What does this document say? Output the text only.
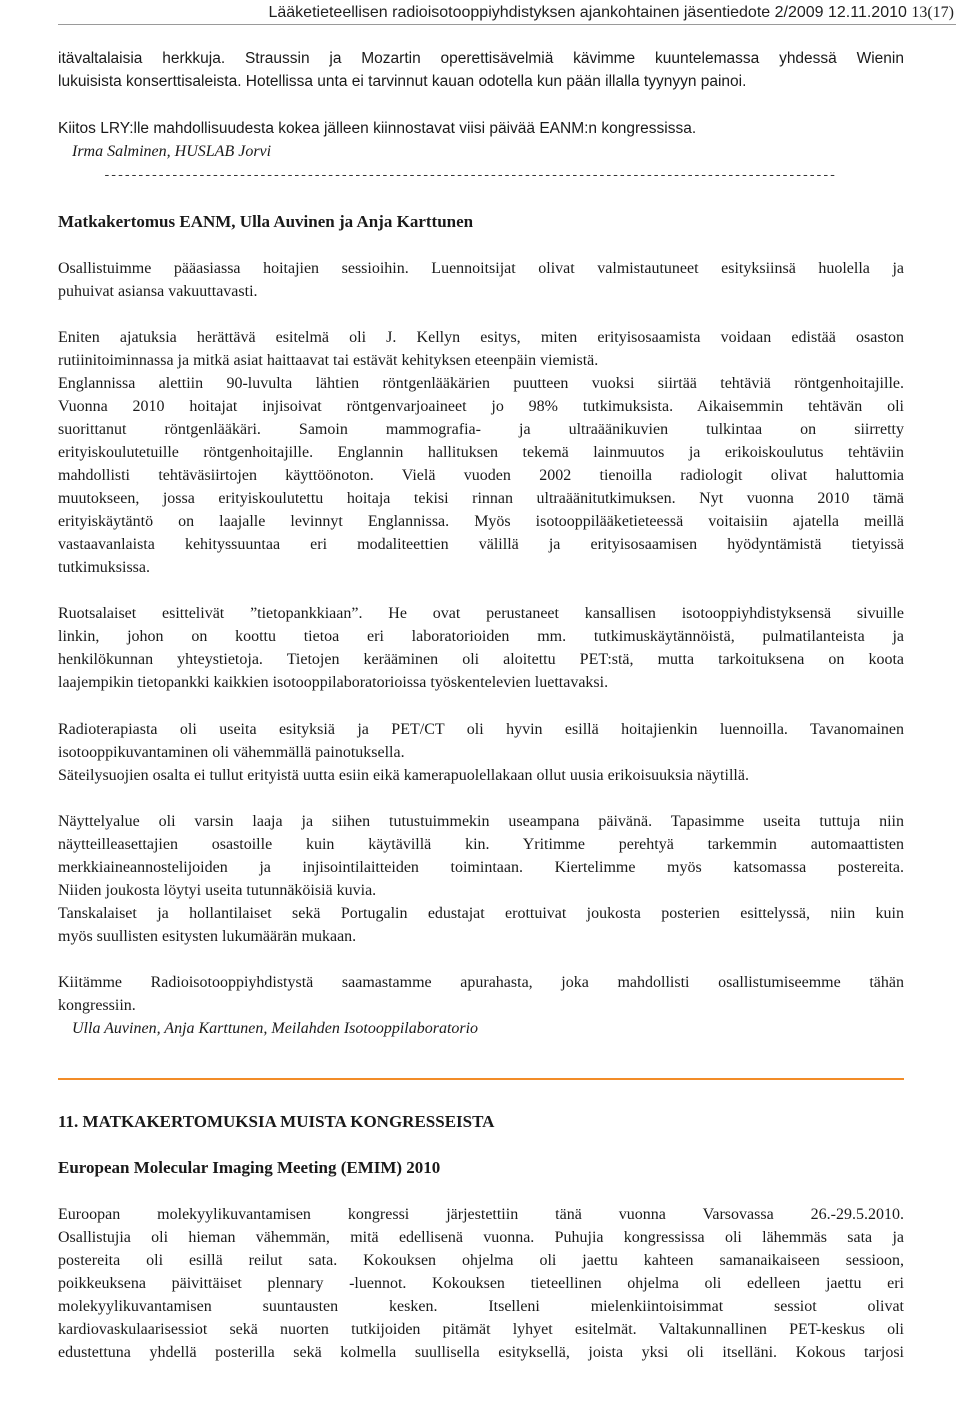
Lääketieteellisen radioisotooppiyhdistyksen ajankohtainen jäsentiedote 2/2009 12.11.2010 13(17)

itävaltalaisia herkkuja. Straussin ja Mozartin operettisävelmiä kävimme kuuntelemassa yhdessä Wienin

lukuisista konserttisaleista. Hotellissa unta ei tarvinnut kauan odotella kun pään illalla tyynyyn painoi.

Kiitos LRY:lle mahdollisuudesta kokea jälleen kiinnostavat viisi päivää EANM:n kongressissa.

Irma Salminen, HUSLAB Jorvi
------------------------------------------------------------------------------------------------------------
Matkakertomus EANM, Ulla Auvinen ja Anja Karttunen

Osallistuimme pääasiassa hoitajien sessioihin. Luennoitsijat olivat valmistautuneet esityksiinsä huolella ja

puhuivat asiansa vakuuttavasti.

Eniten ajatuksia herättävä esitelmä oli J. Kellyn esitys, miten erityisosaamista voidaan edistää osaston

rutiinitoiminnassa ja mitkä asiat haittaavat tai estävät kehityksen eteenpäin viemistä.

Englannissa alettiin 90-luvulta lähtien röntgenlääkärien puutteen vuoksi siirtää tehtäviä röntgenhoitajille.

Vuonna 2010 hoitajat injisoivat röntgenvarjoaineet jo 98% tutkimuksista. Aikaisemmin tehtävän oli

suorittanut röntgenlääkäri. Samoin mammografia- ja ultraäänikuvien tulkintaa on siirretty

erityiskoulutetuille röntgenhoitajille. Englannin hallituksen tekemä lainmuutos ja erikoiskoulutus tehtäviin

mahdollisti tehtäväsiirtojen käyttöönoton. Vielä vuoden 2002 tienoilla radiologit olivat haluttomia

muutokseen, jossa erityiskoulutettu hoitaja tekisi rinnan ultraäänitutkimuksen. Nyt vuonna 2010 tämä

erityiskäytäntö on laajalle levinnyt Englannissa. Myös isotooppilääketieteessä voitaisiin ajatella meillä

vastaavanlaista kehityssuuntaa eri modaliteettien välillä ja erityisosaamisen hyödyntämistä tietyissä

tutkimuksissa.

Ruotsalaiset esittelivät ”tietopankkiaan”. He ovat perustaneet kansallisen isotooppiyhdistyksensä sivuille

linkin, johon on koottu tietoa eri laboratorioiden mm. tutkimuskäytännöistä, pulmatilanteista ja

henkilökunnan yhteystietoja. Tietojen kerääminen oli aloitettu PET:stä, mutta tarkoituksena on koota

laajempikin tietopankki kaikkien isotooppilaboratorioissa työskentelevien luettavaksi.

Radioterapiasta oli useita esityksiä ja PET/CT oli hyvin esillä hoitajienkin luennoilla. Tavanomainen

isotooppikuvantaminen oli vähemmällä painotuksella.

Säteilysuojien osalta ei tullut erityistä uutta esiin eikä kamerapuolellakaan ollut uusia erikoisuuksia näytillä.

Näyttelyalue oli varsin laaja ja siihen tutustuimmekin useampana päivänä. Tapasimme useita tuttuja niin

näytteilleasettajien osastoille kuin käytävillä kin. Yritimme perehtyä tarkemmin automaattisten

merkkiaineannostelijoiden ja injisointilaitteiden toimintaan. Kiertelimme myös katsomassa postereita.

Niiden joukosta löytyi useita tutunnäköisiä kuvia.

Tanskalaiset ja hollantilaiset sekä Portugalin edustajat erottuivat joukosta posterien esittelyssä, niin kuin

myös suullisten esitysten lukumäärän mukaan.

Kiitämme Radioisotooppiyhdistystä saamastamme apurahasta, joka mahdollisti osallistumiseemme tähän

kongressiin.

Ulla Auvinen, Anja Karttunen, Meilahden Isotooppilaboratorio
11. MATKAKERTOMUKSIA MUISTA KONGRESSEISTA
European Molecular Imaging Meeting (EMIM) 2010

Euroopan molekyylikuvantamisen kongressi järjestettiin tänä vuonna Varsovassa 26.-29.5.2010.

Osallistujia oli hieman vähemmän, mitä edellisenä vuonna. Puhujia kongressissa oli lähemmäs sata ja

postereita oli esillä reilut sata. Kokouksen ohjelma oli jaettu kahteen samanaikaiseen sessioon,

poikkeuksena päivittäiset plennary -luennot. Kokouksen tieteellinen ohjelma oli edelleen jaettu eri

molekyylikuvantamisen suuntausten kesken. Itselleni mielenkiintoisimmat sessiot olivat

kardiovaskulaarisessiot sekä nuorten tutkijoiden pitämät lyhyet esitelmät. Valtakunnallinen PET-keskus oli

edustettuna yhdellä posterilla sekä kolmella suullisella esityksellä, joista yksi oli itselläni. Kokous tarjosi
